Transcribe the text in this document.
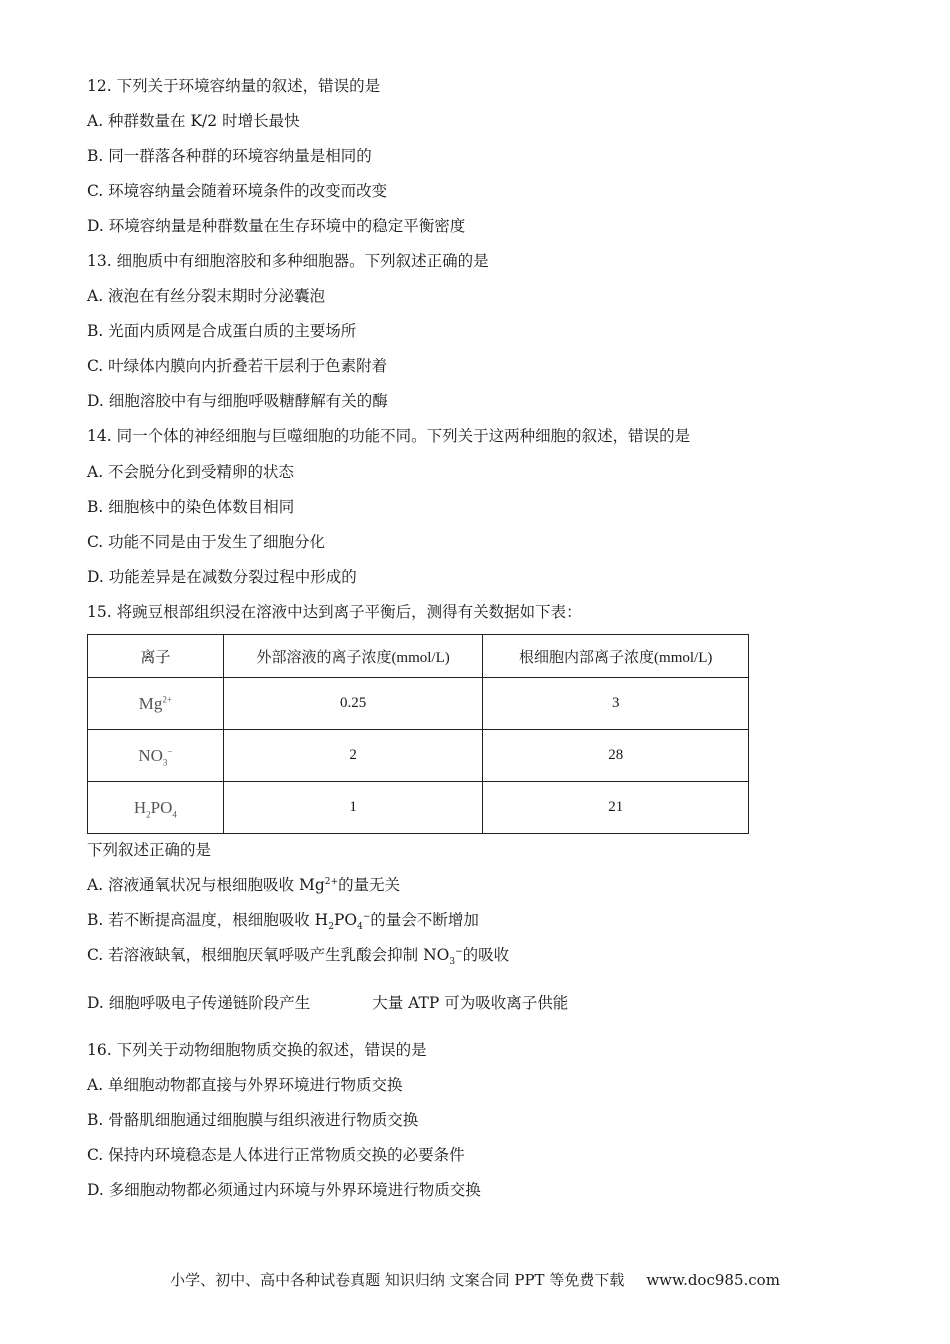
12. 下列关于环境容纳量的叙述，错误的是
A. 种群数量在 K/2 时增长最快
B. 同一群落各种群的环境容纳量是相同的
C. 环境容纳量会随着环境条件的改变而改变
D. 环境容纳量是种群数量在生存环境中的稳定平衡密度
13. 细胞质中有细胞溶胶和多种细胞器。下列叙述正确的是
A. 液泡在有丝分裂末期时分泌囊泡
B. 光面内质网是合成蛋白质的主要场所
C. 叶绿体内膜向内折叠若干层利于色素附着
D. 细胞溶胶中有与细胞呼吸糖酵解有关的酶
14. 同一个体的神经细胞与巨噬细胞的功能不同。下列关于这两种细胞的叙述，错误的是
A. 不会脱分化到受精卵的状态
B. 细胞核中的染色体数目相同
C. 功能不同是由于发生了细胞分化
D. 功能差异是在减数分裂过程中形成的
15. 将豌豆根部组织浸在溶液中达到离子平衡后，测得有关数据如下表：
离子	外部溶液的离子浓度(mmol/L)	根细胞内部离子浓度(mmol/L)
$Mg^{2+}$	0.25	3
$NO_3^-$	2	28
$H_2PO_4$	1	21
下列叙述正确的是
A. 溶液通氧状况与根细胞吸收 $Mg^{2+}$的量无关
B. 若不断提高温度，根细胞吸收 $H_2PO_4^-$的量会不断增加
C. 若溶液缺氧，根细胞厌氧呼吸产生乳酸会抑制 $NO_3^-$的吸收
D. 细胞呼吸电子传递链阶段产生	大量 ATP 可为吸收离子供能
16. 下列关于动物细胞物质交换的叙述，错误的是
A. 单细胞动物都直接与外界环境进行物质交换
B. 骨骼肌细胞通过细胞膜与组织液进行物质交换
C. 保持内环境稳态是人体进行正常物质交换的必要条件
D. 多细胞动物都必须通过内环境与外界环境进行物质交换
小学、初中、高中各种试卷真题 知识归纳 文案合同 PPT 等免费下载 www.doc985.com
